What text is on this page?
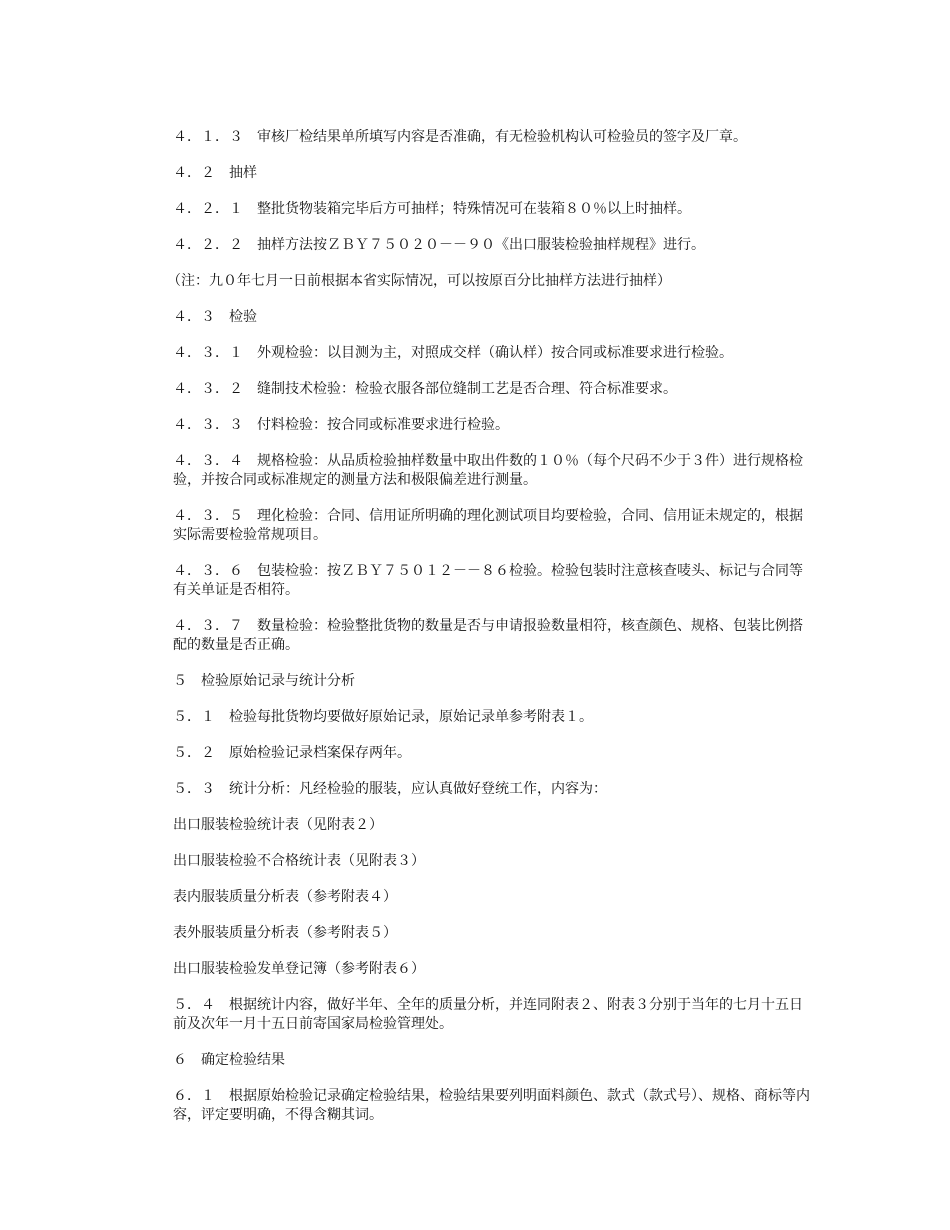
４．１．３　审核厂检结果单所填写内容是否准确，有无检验机构认可检验员的签字及厂章。

４．２　抽样

４．２．１　整批货物装箱完毕后方可抽样；特殊情况可在装箱８０％以上时抽样。

４．２．２　抽样方法按ＺＢＹ７５０２０－－９０《出口服装检验抽样规程》进行。

（注：九０年七月一日前根据本省实际情况，可以按原百分比抽样方法进行抽样）

４．３　检验

４．３．１　外观检验：以目测为主，对照成交样（确认样）按合同或标准要求进行检验。

４．３．２　缝制技术检验：检验衣服各部位缝制工艺是否合理、符合标准要求。

４．３．３　付料检验：按合同或标准要求进行检验。

４．３．４　规格检验：从品质检验抽样数量中取出件数的１０％（每个尺码不少于３件）进行规格检验，并按合同或标准规定的测量方法和极限偏差进行测量。

４．３．５　理化检验：合同、信用证所明确的理化测试项目均要检验，合同、信用证未规定的，根据实际需要检验常规项目。

４．３．６　包装检验：按ＺＢＹ７５０１２－－８６检验。检验包装时注意核查唛头、标记与合同等有关单证是否相符。

４．３．７　数量检验：检验整批货物的数量是否与申请报验数量相符，核查颜色、规格、包装比例搭配的数量是否正确。

５　检验原始记录与统计分析

５．１　检验每批货物均要做好原始记录，原始记录单参考附表１。

５．２　原始检验记录档案保存两年。

５．３　统计分析：凡经检验的服装，应认真做好登统工作，内容为：

出口服装检验统计表（见附表２）

出口服装检验不合格统计表（见附表３）

表内服装质量分析表（参考附表４）

表外服装质量分析表（参考附表５）

出口服装检验发单登记簿（参考附表６）

５．４　根据统计内容，做好半年、全年的质量分析，并连同附表２、附表３分别于当年的七月十五日前及次年一月十五日前寄国家局检验管理处。

６　确定检验结果

６．１　根据原始检验记录确定检验结果，检验结果要列明面料颜色、款式（款式号）、规格、商标等内容，评定要明确，不得含糊其词。
